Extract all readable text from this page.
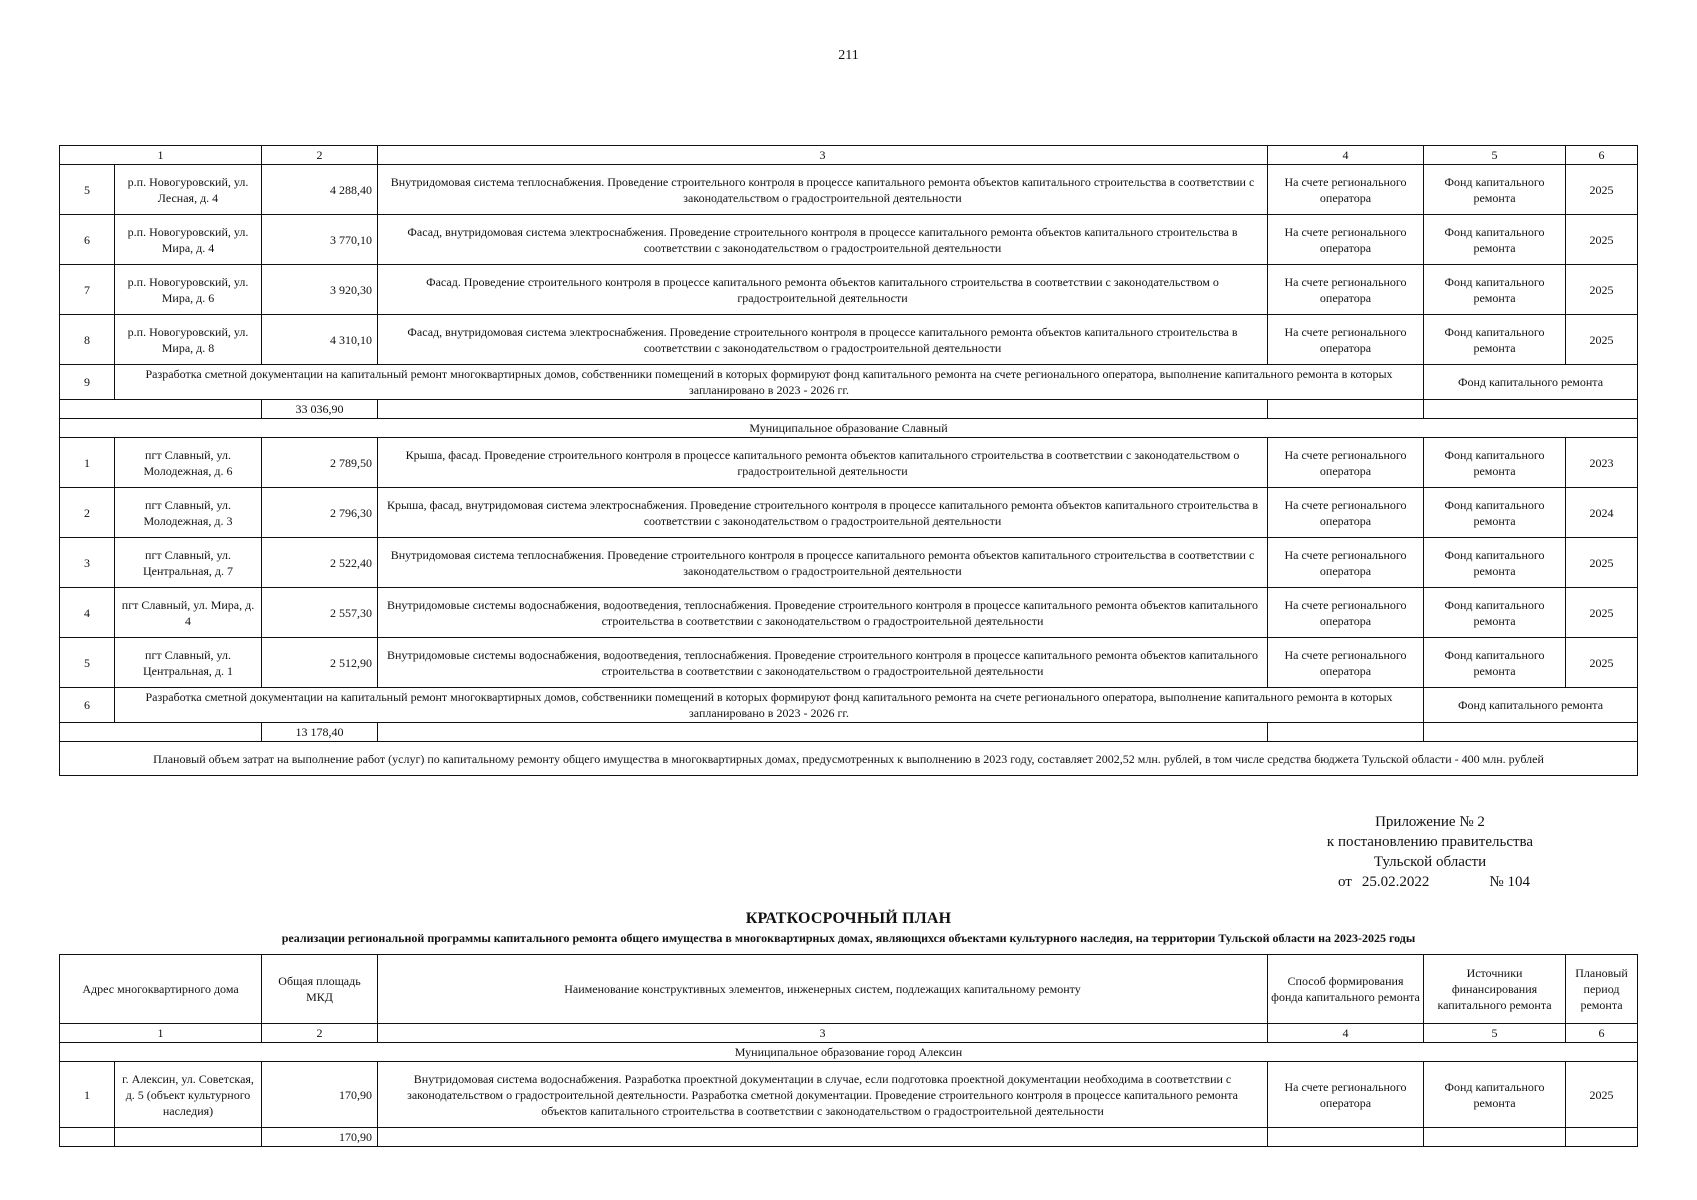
211
1		2	3	4	5	6
5	р.п. Новогуровский, ул. Лесная, д. 4	4 288,40	Внутридомовая система теплоснабжения. Проведение строительного контроля в процессе капитального ремонта объектов капитального строительства в соответствии с законодательством о градостроительной деятельности	На счете регионального оператора	Фонд капитального ремонта	2025
6	р.п. Новогуровский, ул. Мира, д. 4	3 770,10	Фасад, внутридомовая система электроснабжения. Проведение строительного контроля в процессе капитального ремонта объектов капитального строительства в соответствии с законодательством о градостроительной деятельности	На счете регионального оператора	Фонд капитального ремонта	2025
7	р.п. Новогуровский, ул. Мира, д. 6	3 920,30	Фасад. Проведение строительного контроля в процессе капитального ремонта объектов капитального строительства в соответствии с законодательством о градостроительной деятельности	На счете регионального оператора	Фонд капитального ремонта	2025
8	р.п. Новогуровский, ул. Мира, д. 8	4 310,10	Фасад, внутридомовая система электроснабжения. Проведение строительного контроля в процессе капитального ремонта объектов капитального строительства в соответствии с законодательством о градостроительной деятельности	На счете регионального оператора	Фонд капитального ремонта	2025
9	Разработка сметной документации на капитальный ремонт многоквартирных домов, собственники помещений в которых формируют фонд капитального ремонта на счете регионального оператора, выполнение капитального ремонта в которых запланировано в 2023 - 2026 гг.				Фонд капитального ремонта	
		33 036,90				
Муниципальное образование Славный						
1	пгт Славный, ул. Молодежная, д. 6	2 789,50	Крыша, фасад. Проведение строительного контроля в процессе капитального ремонта объектов капитального строительства в соответствии с законодательством о градостроительной деятельности	На счете регионального оператора	Фонд капитального ремонта	2023
2	пгт Славный, ул. Молодежная, д. 3	2 796,30	Крыша, фасад, внутридомовая система электроснабжения. Проведение строительного контроля в процессе капитального ремонта объектов капитального строительства в соответствии с законодательством о градостроительной деятельности	На счете регионального оператора	Фонд капитального ремонта	2024
3	пгт Славный, ул. Центральная, д. 7	2 522,40	Внутридомовая система теплоснабжения. Проведение строительного контроля в процессе капитального ремонта объектов капитального строительства в соответствии с законодательством о градостроительной деятельности	На счете регионального оператора	Фонд капитального ремонта	2025
4	пгт Славный, ул. Мира, д. 4	2 557,30	Внутридомовые системы водоснабжения, водоотведения, теплоснабжения. Проведение строительного контроля в процессе капитального ремонта объектов капитального строительства в соответствии с законодательством о градостроительной деятельности	На счете регионального оператора	Фонд капитального ремонта	2025
5	пгт Славный, ул. Центральная, д. 1	2 512,90	Внутридомовые системы водоснабжения, водоотведения, теплоснабжения. Проведение строительного контроля в процессе капитального ремонта объектов капитального строительства в соответствии с законодательством о градостроительной деятельности	На счете регионального оператора	Фонд капитального ремонта	2025
6	Разработка сметной документации на капитальный ремонт многоквартирных домов, собственники помещений в которых формируют фонд капитального ремонта на счете регионального оператора, выполнение капитального ремонта в которых запланировано в 2023 - 2026 гг.				Фонд капитального ремонта	
		13 178,40				
Плановый объем затрат на выполнение работ (услуг) по капитальному ремонту общего имущества в многоквартирных домах, предусмотренных к выполнению в 2023 году, составляет 2002,52 млн. рублей, в том числе средства бюджета Тульской области - 400 млн. рублей						
Приложение № 2
к постановлению правительства
Тульской области
от 25.02.2022	№ 104
КРАТКОСРОЧНЫЙ ПЛАН
реализации региональной программы капитального ремонта общего имущества в многоквартирных домах, являющихся объектами культурного наследия, на территории Тульской области на 2023-2025 годы
Адрес многоквартирного дома		Общая площадь МКД	Наименование конструктивных элементов, инженерных систем, подлежащих капитальному ремонту	Способ формирования фонда капитального ремонта	Источники финансирования капитального ремонта	Плановый период ремонта
1		2	3	4	5	6
Муниципальное образование город Алексин						
1	г. Алексин, ул. Советская, д. 5 (объект культурного наследия)	170,90	Внутридомовая система водоснабжения. Разработка проектной документации в случае, если подготовка проектной документации необходима в соответствии с законодательством о градостроительной деятельности. Разработка сметной документации. Проведение строительного контроля в процессе капитального ремонта объектов капитального строительства в соответствии с законодательством о градостроительной деятельности	На счете регионального оператора	Фонд капитального ремонта	2025
		170,90				
